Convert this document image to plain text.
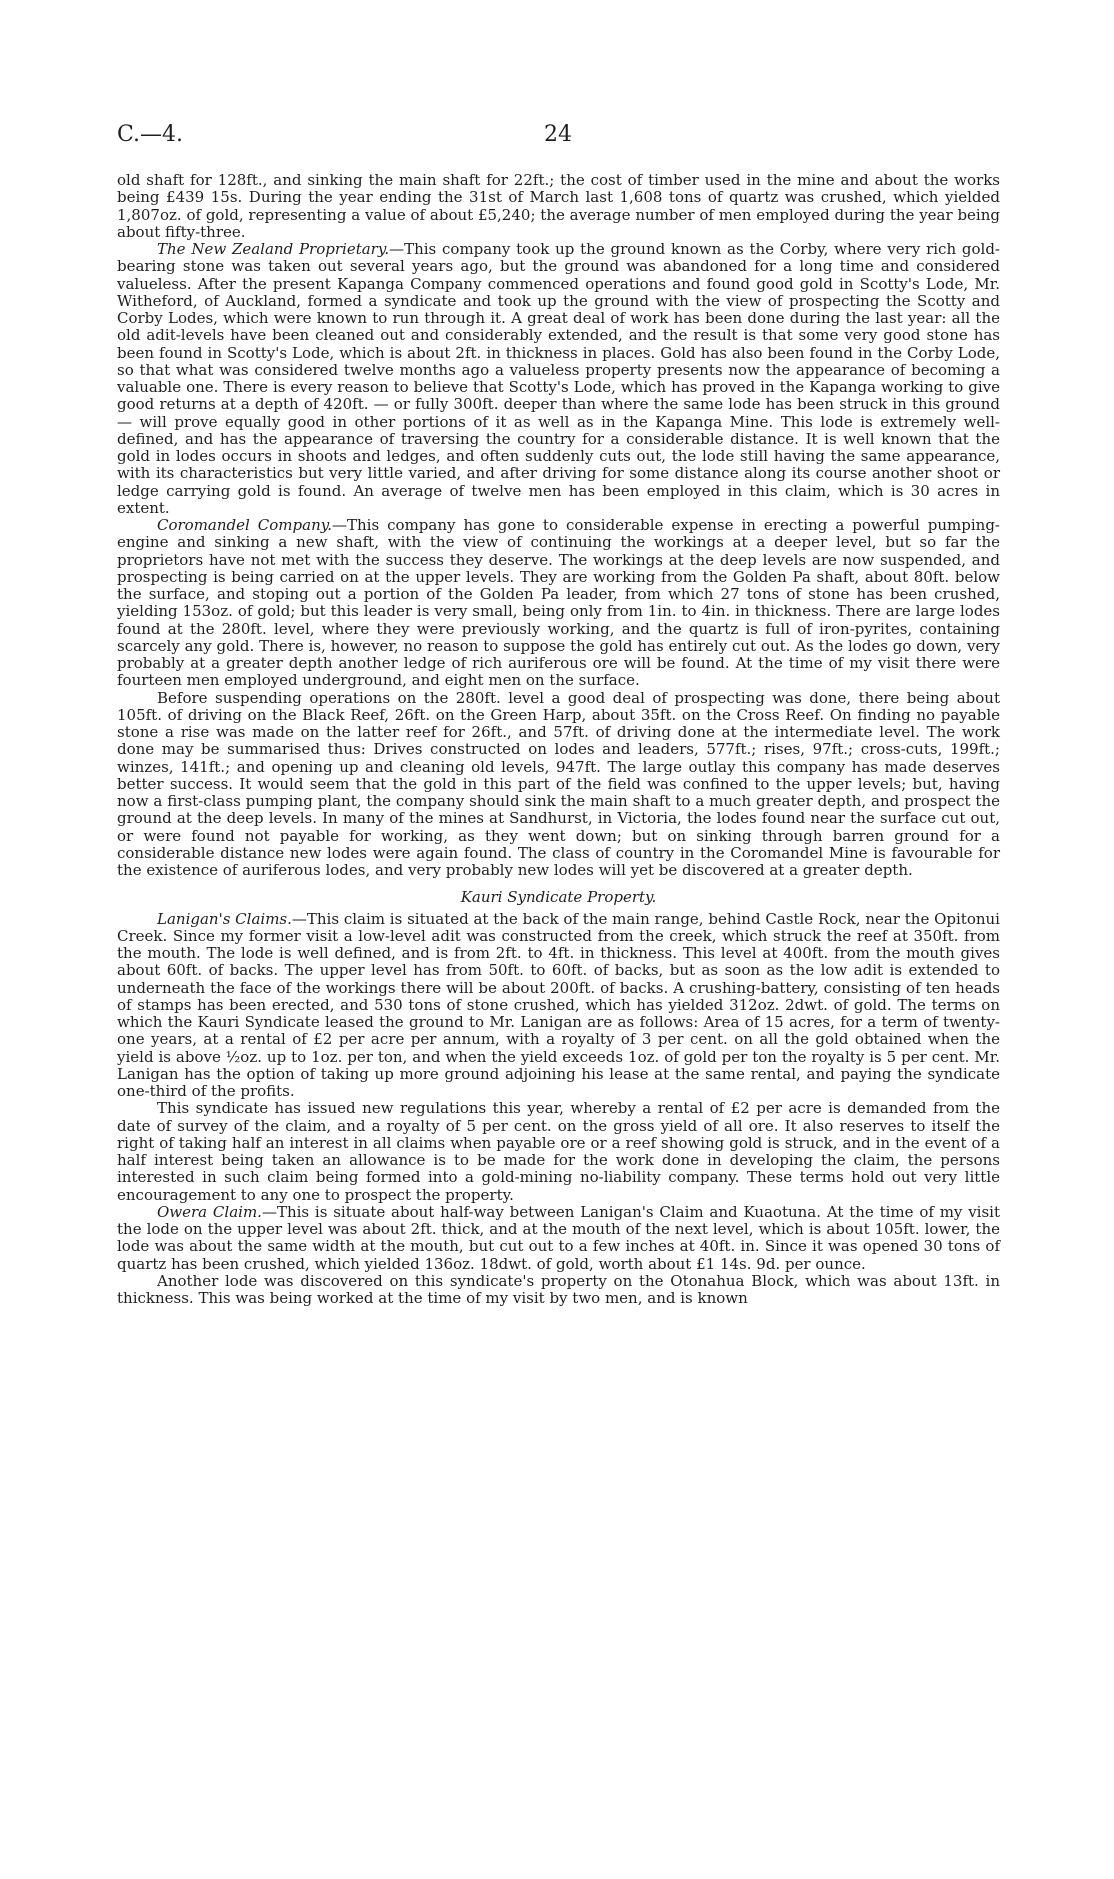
C.—4.	24

old shaft for 128ft., and sinking the main shaft for 22ft.; the cost of timber used in the mine and about the works being £439 15s. During the year ending the 31st of March last 1,608 tons of quartz was crushed, which yielded 1,807oz. of gold, representing a value of about £5,240; the average number of men employed during the year being about fifty-three.

The New Zealand Proprietary.—This company took up the ground known as the Corby, where very rich gold-bearing stone was taken out several years ago, but the ground was abandoned for a long time and considered valueless. After the present Kapanga Company commenced operations and found good gold in Scotty's Lode, Mr. Witheford, of Auckland, formed a syndicate and took up the ground with the view of prospecting the Scotty and Corby Lodes, which were known to run through it. A great deal of work has been done during the last year: all the old adit-levels have been cleaned out and considerably extended, and the result is that some very good stone has been found in Scotty's Lode, which is about 2ft. in thickness in places. Gold has also been found in the Corby Lode, so that what was considered twelve months ago a valueless property presents now the appearance of becoming a valuable one. There is every reason to believe that Scotty's Lode, which has proved in the Kapanga working to give good returns at a depth of 420ft. — or fully 300ft. deeper than where the same lode has been struck in this ground — will prove equally good in other portions of it as well as in the Kapanga Mine. This lode is extremely well-defined, and has the appearance of traversing the country for a considerable distance. It is well known that the gold in lodes occurs in shoots and ledges, and often suddenly cuts out, the lode still having the same appearance, with its characteristics but very little varied, and after driving for some distance along its course another shoot or ledge carrying gold is found. An average of twelve men has been employed in this claim, which is 30 acres in extent.

Coromandel Company.—This company has gone to considerable expense in erecting a powerful pumping-engine and sinking a new shaft, with the view of continuing the workings at a deeper level, but so far the proprietors have not met with the success they deserve. The workings at the deep levels are now suspended, and prospecting is being carried on at the upper levels. They are working from the Golden Pa shaft, about 80ft. below the surface, and stoping out a portion of the Golden Pa leader, from which 27 tons of stone has been crushed, yielding 153oz. of gold; but this leader is very small, being only from 1in. to 4in. in thickness. There are large lodes found at the 280ft. level, where they were previously working, and the quartz is full of iron-pyrites, containing scarcely any gold. There is, however, no reason to suppose the gold has entirely cut out. As the lodes go down, very probably at a greater depth another ledge of rich auriferous ore will be found. At the time of my visit there were fourteen men employed underground, and eight men on the surface.

Before suspending operations on the 280ft. level a good deal of prospecting was done, there being about 105ft. of driving on the Black Reef, 26ft. on the Green Harp, about 35ft. on the Cross Reef. On finding no payable stone a rise was made on the latter reef for 26ft., and 57ft. of driving done at the intermediate level. The work done may be summarised thus: Drives constructed on lodes and leaders, 577ft.; rises, 97ft.; cross-cuts, 199ft.; winzes, 141ft.; and opening up and cleaning old levels, 947ft. The large outlay this company has made deserves better success. It would seem that the gold in this part of the field was confined to the upper levels; but, having now a first-class pumping plant, the company should sink the main shaft to a much greater depth, and prospect the ground at the deep levels. In many of the mines at Sandhurst, in Victoria, the lodes found near the surface cut out, or were found not payable for working, as they went down; but on sinking through barren ground for a considerable distance new lodes were again found. The class of country in the Coromandel Mine is favourable for the existence of auriferous lodes, and very probably new lodes will yet be discovered at a greater depth.

Kauri Syndicate Property.

Lanigan's Claims.—This claim is situated at the back of the main range, behind Castle Rock, near the Opitonui Creek. Since my former visit a low-level adit was constructed from the creek, which struck the reef at 350ft. from the mouth. The lode is well defined, and is from 2ft. to 4ft. in thickness. This level at 400ft. from the mouth gives about 60ft. of backs. The upper level has from 50ft. to 60ft. of backs, but as soon as the low adit is extended to underneath the face of the workings there will be about 200ft. of backs. A crushing-battery, consisting of ten heads of stamps has been erected, and 530 tons of stone crushed, which has yielded 312oz. 2dwt. of gold. The terms on which the Kauri Syndicate leased the ground to Mr. Lanigan are as follows: Area of 15 acres, for a term of twenty-one years, at a rental of £2 per acre per annum, with a royalty of 3 per cent. on all the gold obtained when the yield is above ½oz. up to 1oz. per ton, and when the yield exceeds 1oz. of gold per ton the royalty is 5 per cent. Mr. Lanigan has the option of taking up more ground adjoining his lease at the same rental, and paying the syndicate one-third of the profits.

This syndicate has issued new regulations this year, whereby a rental of £2 per acre is demanded from the date of survey of the claim, and a royalty of 5 per cent. on the gross yield of all ore. It also reserves to itself the right of taking half an interest in all claims when payable ore or a reef showing gold is struck, and in the event of a half interest being taken an allowance is to be made for the work done in developing the claim, the persons interested in such claim being formed into a gold-mining no-liability company. These terms hold out very little encouragement to any one to prospect the property.

Owera Claim.—This is situate about half-way between Lanigan's Claim and Kuaotuna. At the time of my visit the lode on the upper level was about 2ft. thick, and at the mouth of the next level, which is about 105ft. lower, the lode was about the same width at the mouth, but cut out to a few inches at 40ft. in. Since it was opened 30 tons of quartz has been crushed, which yielded 136oz. 18dwt. of gold, worth about £1 14s. 9d. per ounce.

Another lode was discovered on this syndicate's property on the Otonahua Block, which was about 13ft. in thickness. This was being worked at the time of my visit by two men, and is known
